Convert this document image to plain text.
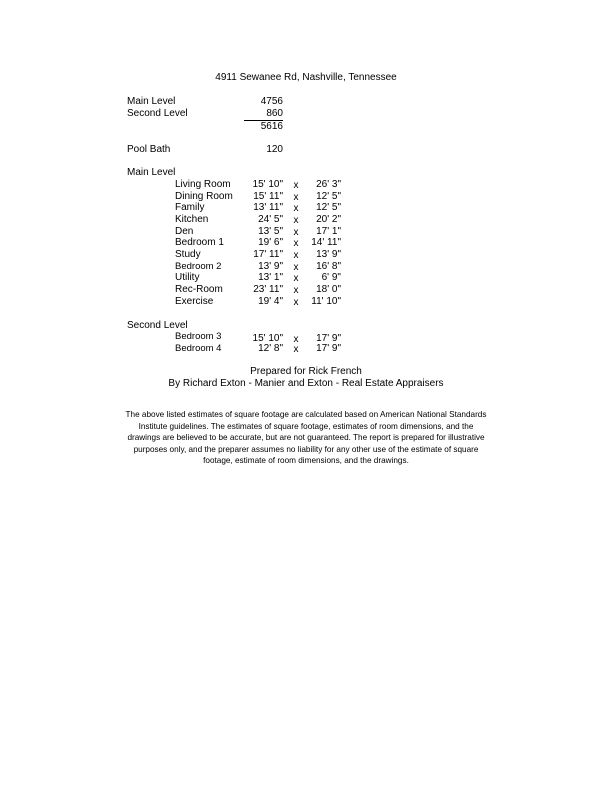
4911 Sewanee Rd, Nashville, Tennessee
Main Level	4756
Second Level	860
5616
Pool Bath	120
Main Level
Living Room	15' 10"	x	26' 3"
Dining Room	15' 11"	x	12' 5"
Family	13' 11"	x	12' 5"
Kitchen	24' 5"	x	20' 2"
Den	13' 5"	x	17' 1"
Bedroom 1	19' 6"	x	14' 11"
Study	17' 11"	x	13' 9"
Bedroom 2	13' 9"	x	16' 8"
Utility	13' 1"	x	6' 9"
Rec-Room	23' 11"	x	18' 0"
Exercise	19' 4"	x	11' 10"
Second Level
Bedroom 3	15' 10"	x	17' 9"
Bedroom 4	12' 8"	x	17' 9"
Prepared for Rick French
By Richard Exton - Manier and Exton - Real Estate Appraisers
The above listed estimates of square footage are calculated based on American National Standards Institute guidelines. The estimates of square footage, estimates of room dimensions, and the drawings are believed to be accurate, but are not guaranteed. The report is prepared for illustrative purposes only, and the preparer assumes no liability for any other use of the estimate of square footage, estimate of room dimensions, and the drawings.
